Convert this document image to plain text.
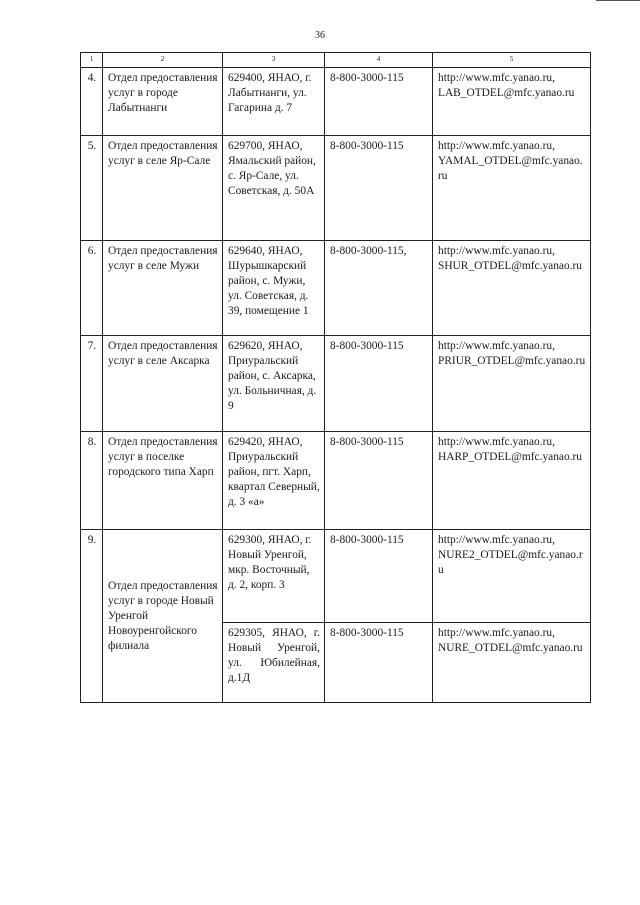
36
1	2	3	4	5
4.	Отдел предоставления услуг в городе Лабытнанги	629400, ЯНАО, г. Лабытнанги, ул. Гагарина д. 7	8-800-3000-115	http://www.mfc.yanao.ru, LAB_OTDEL@mfc.yanao.ru
5.	Отдел предоставления услуг в селе Яр-Сале	629700, ЯНАО, Ямальский район, с. Яр-Сале, ул. Советская, д. 50А	8-800-3000-115	http://www.mfc.yanao.ru, YAMAL_OTDEL@mfc.yanao.ru
6.	Отдел предоставления услуг в селе Мужи	629640, ЯНАО, Шурышкарский район, с. Мужи, ул. Советская, д. 39, помещение 1	8-800-3000-115,	http://www.mfc.yanao.ru, SHUR_OTDEL@mfc.yanao.ru
7.	Отдел предоставления услуг в селе Аксарка	629620, ЯНАО, Приуральский район, с. Аксарка, ул. Больничная, д. 9	8-800-3000-115	http://www.mfc.yanao.ru, PRIUR_OTDEL@mfc.yanao.ru
8.	Отдел предоставления услуг в поселке городского типа Харп	629420, ЯНАО, Приуральский район, пгт. Харп, квартал Северный, д. 3 «а»	8-800-3000-115	http://www.mfc.yanao.ru, HARP_OTDEL@mfc.yanao.ru
9.	Отдел предоставления услуг в городе Новый Уренгой Новоуренгойского филиала	629300, ЯНАО, г. Новый Уренгой, мкр. Восточный, д. 2, корп. 3	8-800-3000-115	http://www.mfc.yanao.ru, NURE2_OTDEL@mfc.yanao.ru
		629305, ЯНАО, г. Новый Уренгой, ул. Юбилейная, д.1Д	8-800-3000-115	http://www.mfc.yanao.ru, NURE_OTDEL@mfc.yanao.ru
